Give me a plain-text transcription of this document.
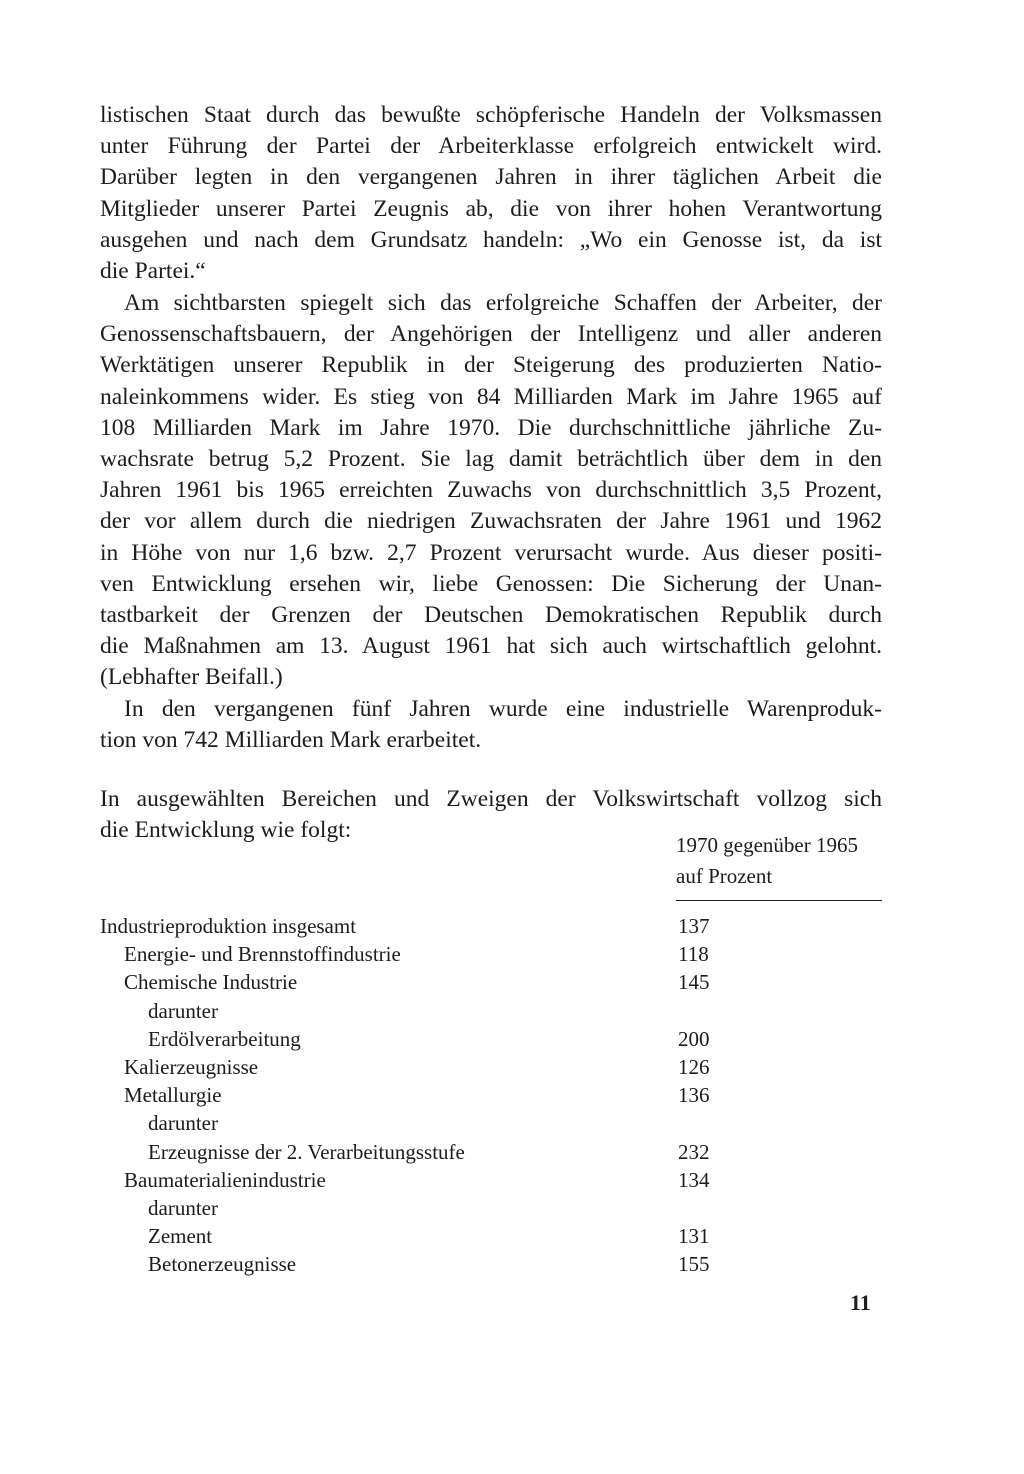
listischen Staat durch das bewußte schöpferische Handeln der Volksmassen
unter Führung der Partei der Arbeiterklasse erfolgreich entwickelt wird.
Darüber legten in den vergangenen Jahren in ihrer täglichen Arbeit die
Mitglieder unserer Partei Zeugnis ab, die von ihrer hohen Verantwortung
ausgehen und nach dem Grundsatz handeln: „Wo ein Genosse ist, da ist
die Partei.“
Am sichtbarsten spiegelt sich das erfolgreiche Schaffen der Arbeiter, der
Genossenschaftsbauern, der Angehörigen der Intelligenz und aller anderen
Werktätigen unserer Republik in der Steigerung des produzierten Natio-
naleinkommens wider. Es stieg von 84 Milliarden Mark im Jahre 1965 auf
108 Milliarden Mark im Jahre 1970. Die durchschnittliche jährliche Zu-
wachsrate betrug 5,2 Prozent. Sie lag damit beträchtlich über dem in den
Jahren 1961 bis 1965 erreichten Zuwachs von durchschnittlich 3,5 Prozent,
der vor allem durch die niedrigen Zuwachsraten der Jahre 1961 und 1962
in Höhe von nur 1,6 bzw. 2,7 Prozent verursacht wurde. Aus dieser positi-
ven Entwicklung ersehen wir, liebe Genossen: Die Sicherung der Unan-
tastbarkeit der Grenzen der Deutschen Demokratischen Republik durch
die Maßnahmen am 13. August 1961 hat sich auch wirtschaftlich gelohnt.
(Lebhafter Beifall.)
In den vergangenen fünf Jahren wurde eine industrielle Warenproduk-
tion von 742 Milliarden Mark erarbeitet.
In ausgewählten Bereichen und Zweigen der Volkswirtschaft vollzog sich
die Entwicklung wie folgt:
1970 gegenüber 1965
auf Prozent
Industrieproduktion insgesamt	137
Energie- und Brennstoffindustrie	118
Chemische Industrie	145
darunter
Erdölverarbeitung	200
Kalierzeugnisse	126
Metallurgie	136
darunter
Erzeugnisse der 2. Verarbeitungsstufe	232
Baumaterialienindustrie	134
darunter
Zement	131
Betonerzeugnisse	155
11
